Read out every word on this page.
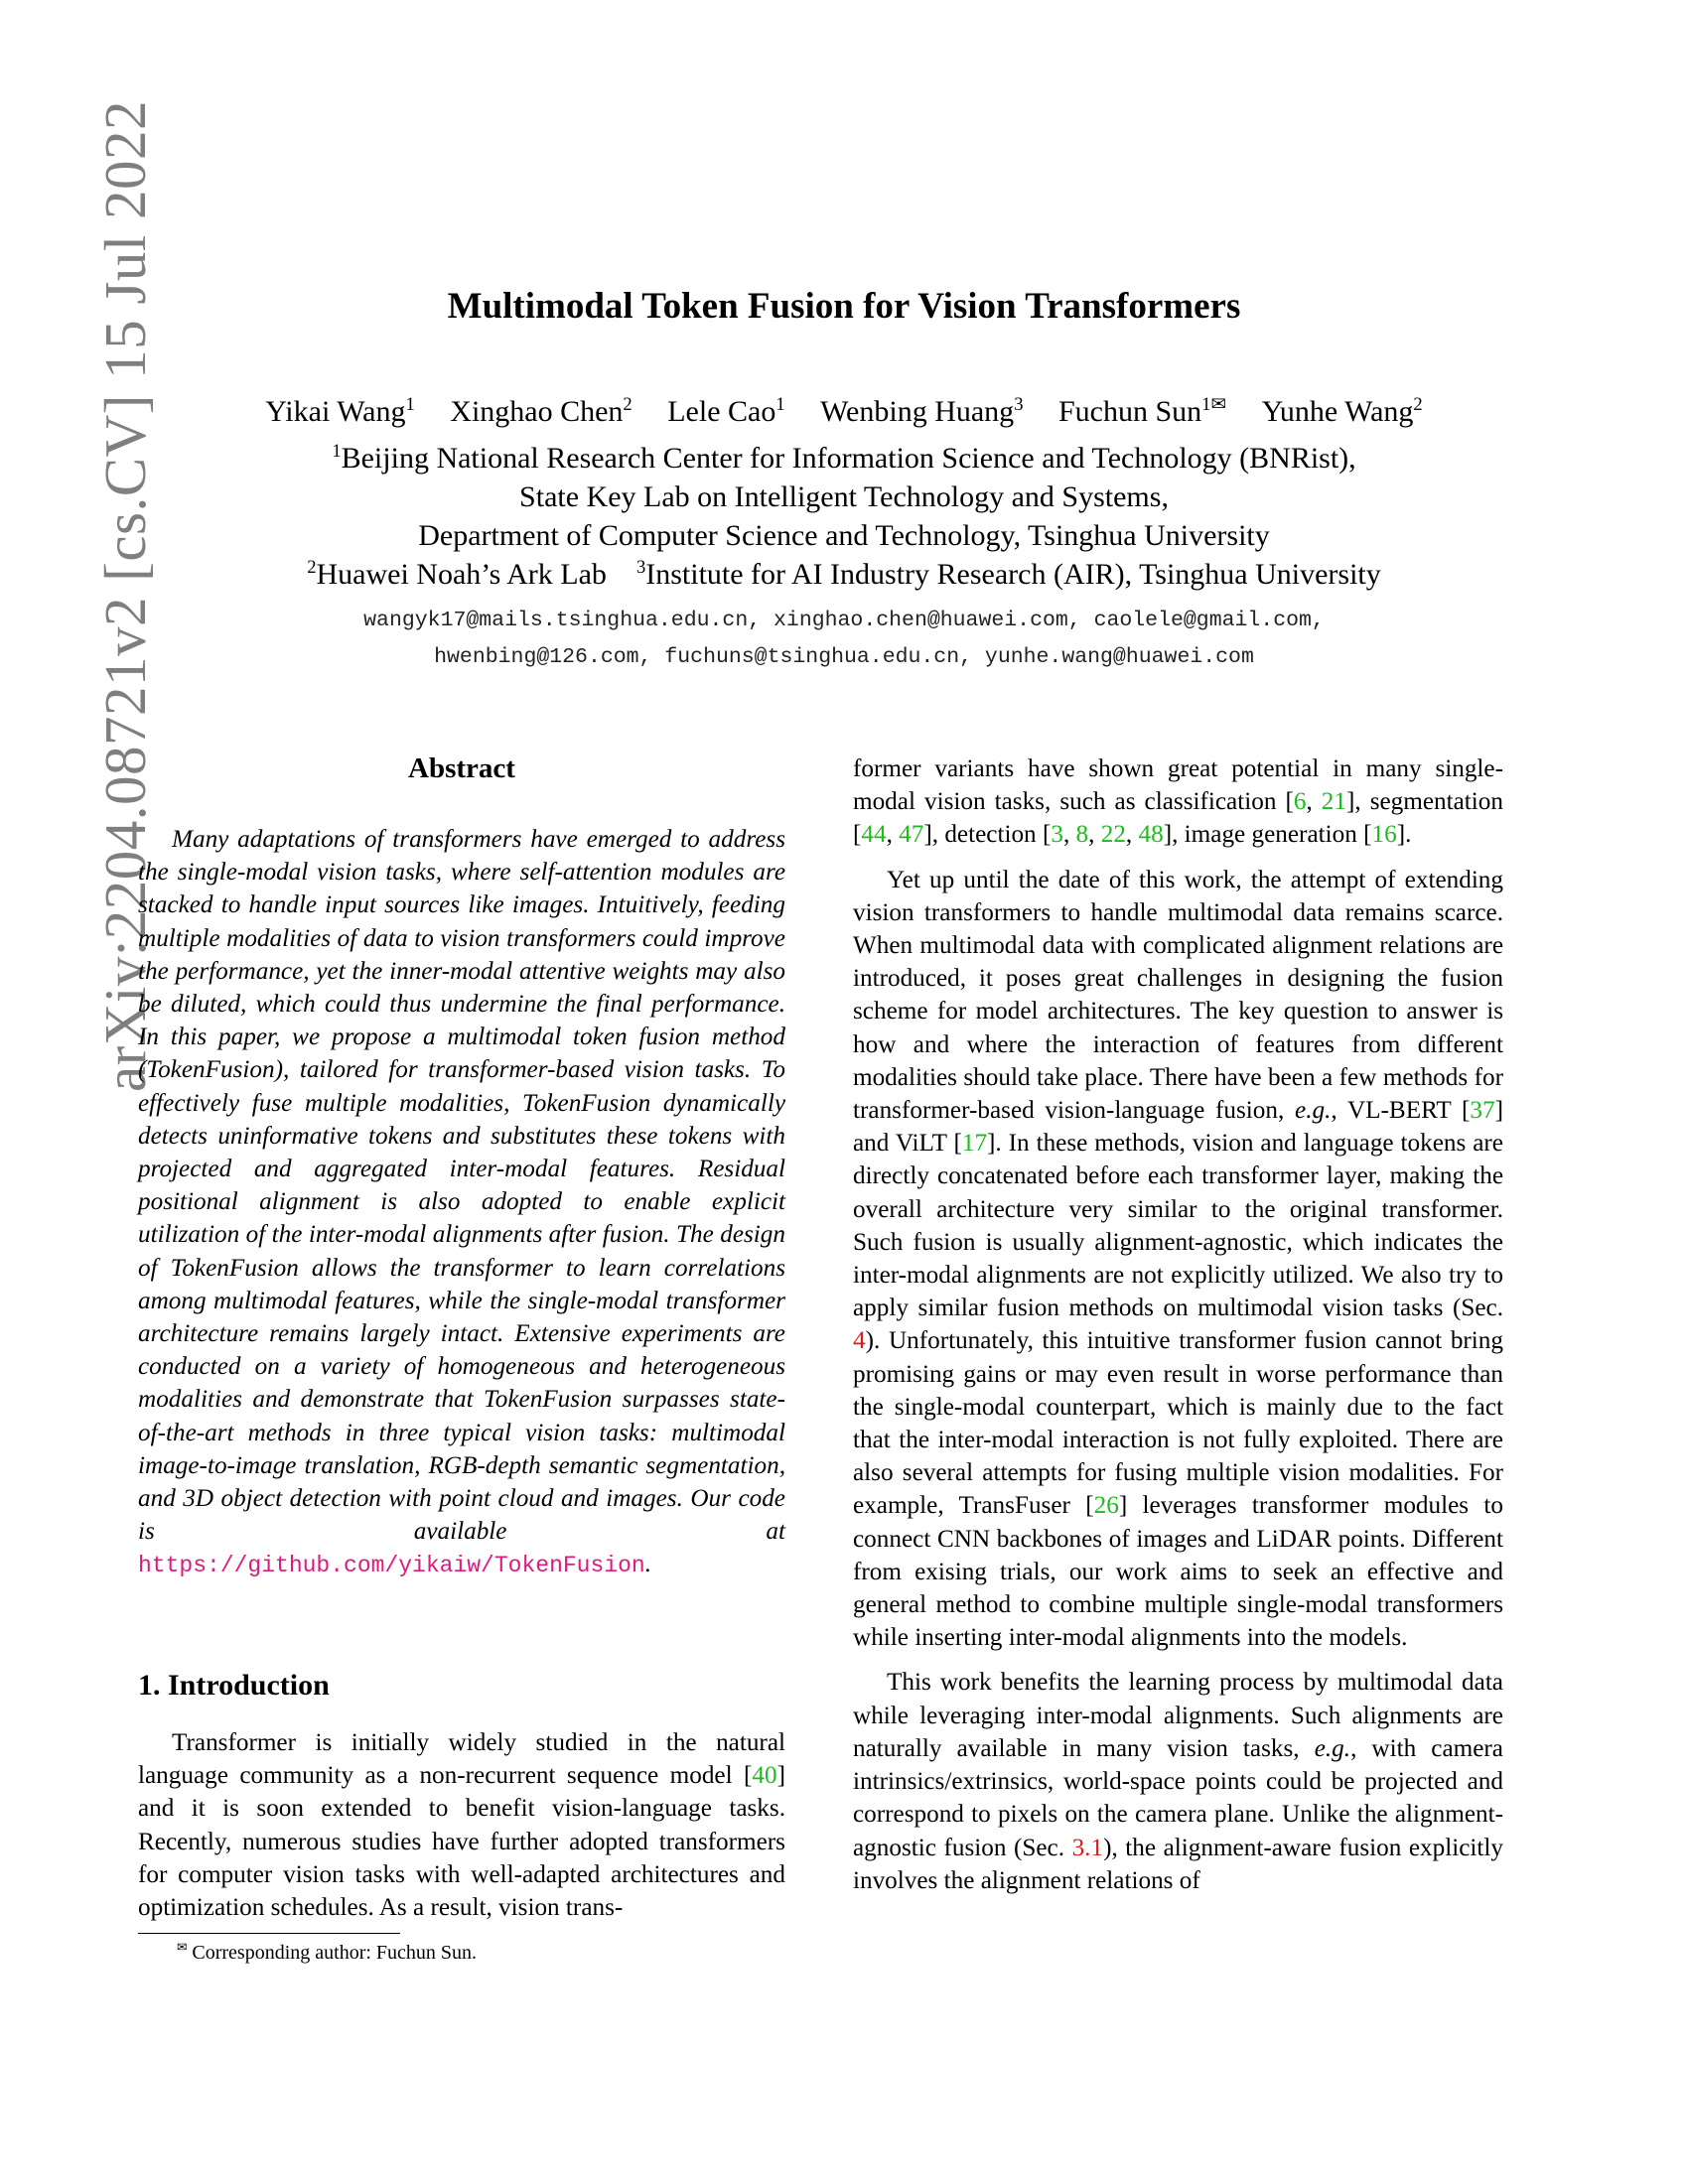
arXiv:2204.08721v2 [cs.CV] 15 Jul 2022	Multimodal Token Fusion for Vision Transformers
Yikai Wang$^1$ Xinghao Chen$^2$ Lele Cao$^1$ Wenbing Huang$^3$ Fuchun Sun$^{1✉}$ Yunhe Wang$^2$
$^1$Beijing National Research Center for Information Science and Technology (BNRist),
State Key Lab on Intelligent Technology and Systems,
Department of Computer Science and Technology, Tsinghua University
$^2$Huawei Noah’s Ark Lab $^3$Institute for AI Industry Research (AIR), Tsinghua University
wangyk17@mails.tsinghua.edu.cn, xinghao.chen@huawei.com, caolele@gmail.com,
hwenbing@126.com, fuchuns@tsinghua.edu.cn, yunhe.wang@huawei.com
Abstract
Many adaptations of transformers have emerged to address the single-modal vision tasks, where self-attention modules are stacked to handle input sources like images. Intuitively, feeding multiple modalities of data to vision transformers could improve the performance, yet the inner-modal attentive weights may also be diluted, which could thus undermine the final performance. In this paper, we propose a multimodal token fusion method (TokenFusion), tailored for transformer-based vision tasks. To effectively fuse multiple modalities, TokenFusion dynamically detects uninformative tokens and substitutes these tokens with projected and aggregated inter-modal features. Residual positional alignment is also adopted to enable explicit utilization of the inter-modal alignments after fusion. The design of TokenFusion allows the transformer to learn correlations among multimodal features, while the single-modal transformer architecture remains largely intact. Extensive experiments are conducted on a variety of homogeneous and heterogeneous modalities and demonstrate that TokenFusion surpasses state-of-the-art methods in three typical vision tasks: multimodal image-to-image translation, RGB-depth semantic segmentation, and 3D object detection with point cloud and images. Our code is available at https://github.com/yikaiw/TokenFusion.
1. Introduction
Transformer is initially widely studied in the natural language community as a non-recurrent sequence model [40] and it is soon extended to benefit vision-language tasks. Recently, numerous studies have further adopted transformers for computer vision tasks with well-adapted architectures and optimization schedules. As a result, vision trans-

former variants have shown great potential in many single-modal vision tasks, such as classification [6, 21], segmentation [44, 47], detection [3, 8, 22, 48], image generation [16].

Yet up until the date of this work, the attempt of extending vision transformers to handle multimodal data remains scarce. When multimodal data with complicated alignment relations are introduced, it poses great challenges in designing the fusion scheme for model architectures. The key question to answer is how and where the interaction of features from different modalities should take place. There have been a few methods for transformer-based vision-language fusion, e.g., VL-BERT [37] and ViLT [17]. In these methods, vision and language tokens are directly concatenated before each transformer layer, making the overall architecture very similar to the original transformer. Such fusion is usually alignment-agnostic, which indicates the inter-modal alignments are not explicitly utilized. We also try to apply similar fusion methods on multimodal vision tasks (Sec. 4). Unfortunately, this intuitive transformer fusion cannot bring promising gains or may even result in worse performance than the single-modal counterpart, which is mainly due to the fact that the inter-modal interaction is not fully exploited. There are also several attempts for fusing multiple vision modalities. For example, TransFuser [26] leverages transformer modules to connect CNN backbones of images and LiDAR points. Different from exising trials, our work aims to seek an effective and general method to combine multiple single-modal transformers while inserting inter-modal alignments into the models.

This work benefits the learning process by multimodal data while leveraging inter-modal alignments. Such alignments are naturally available in many vision tasks, e.g., with camera intrinsics/extrinsics, world-space points could be projected and correspond to pixels on the camera plane. Unlike the alignment-agnostic fusion (Sec. 3.1), the alignment-aware fusion explicitly involves the alignment relations of

✉ Corresponding author: Fuchun Sun.
